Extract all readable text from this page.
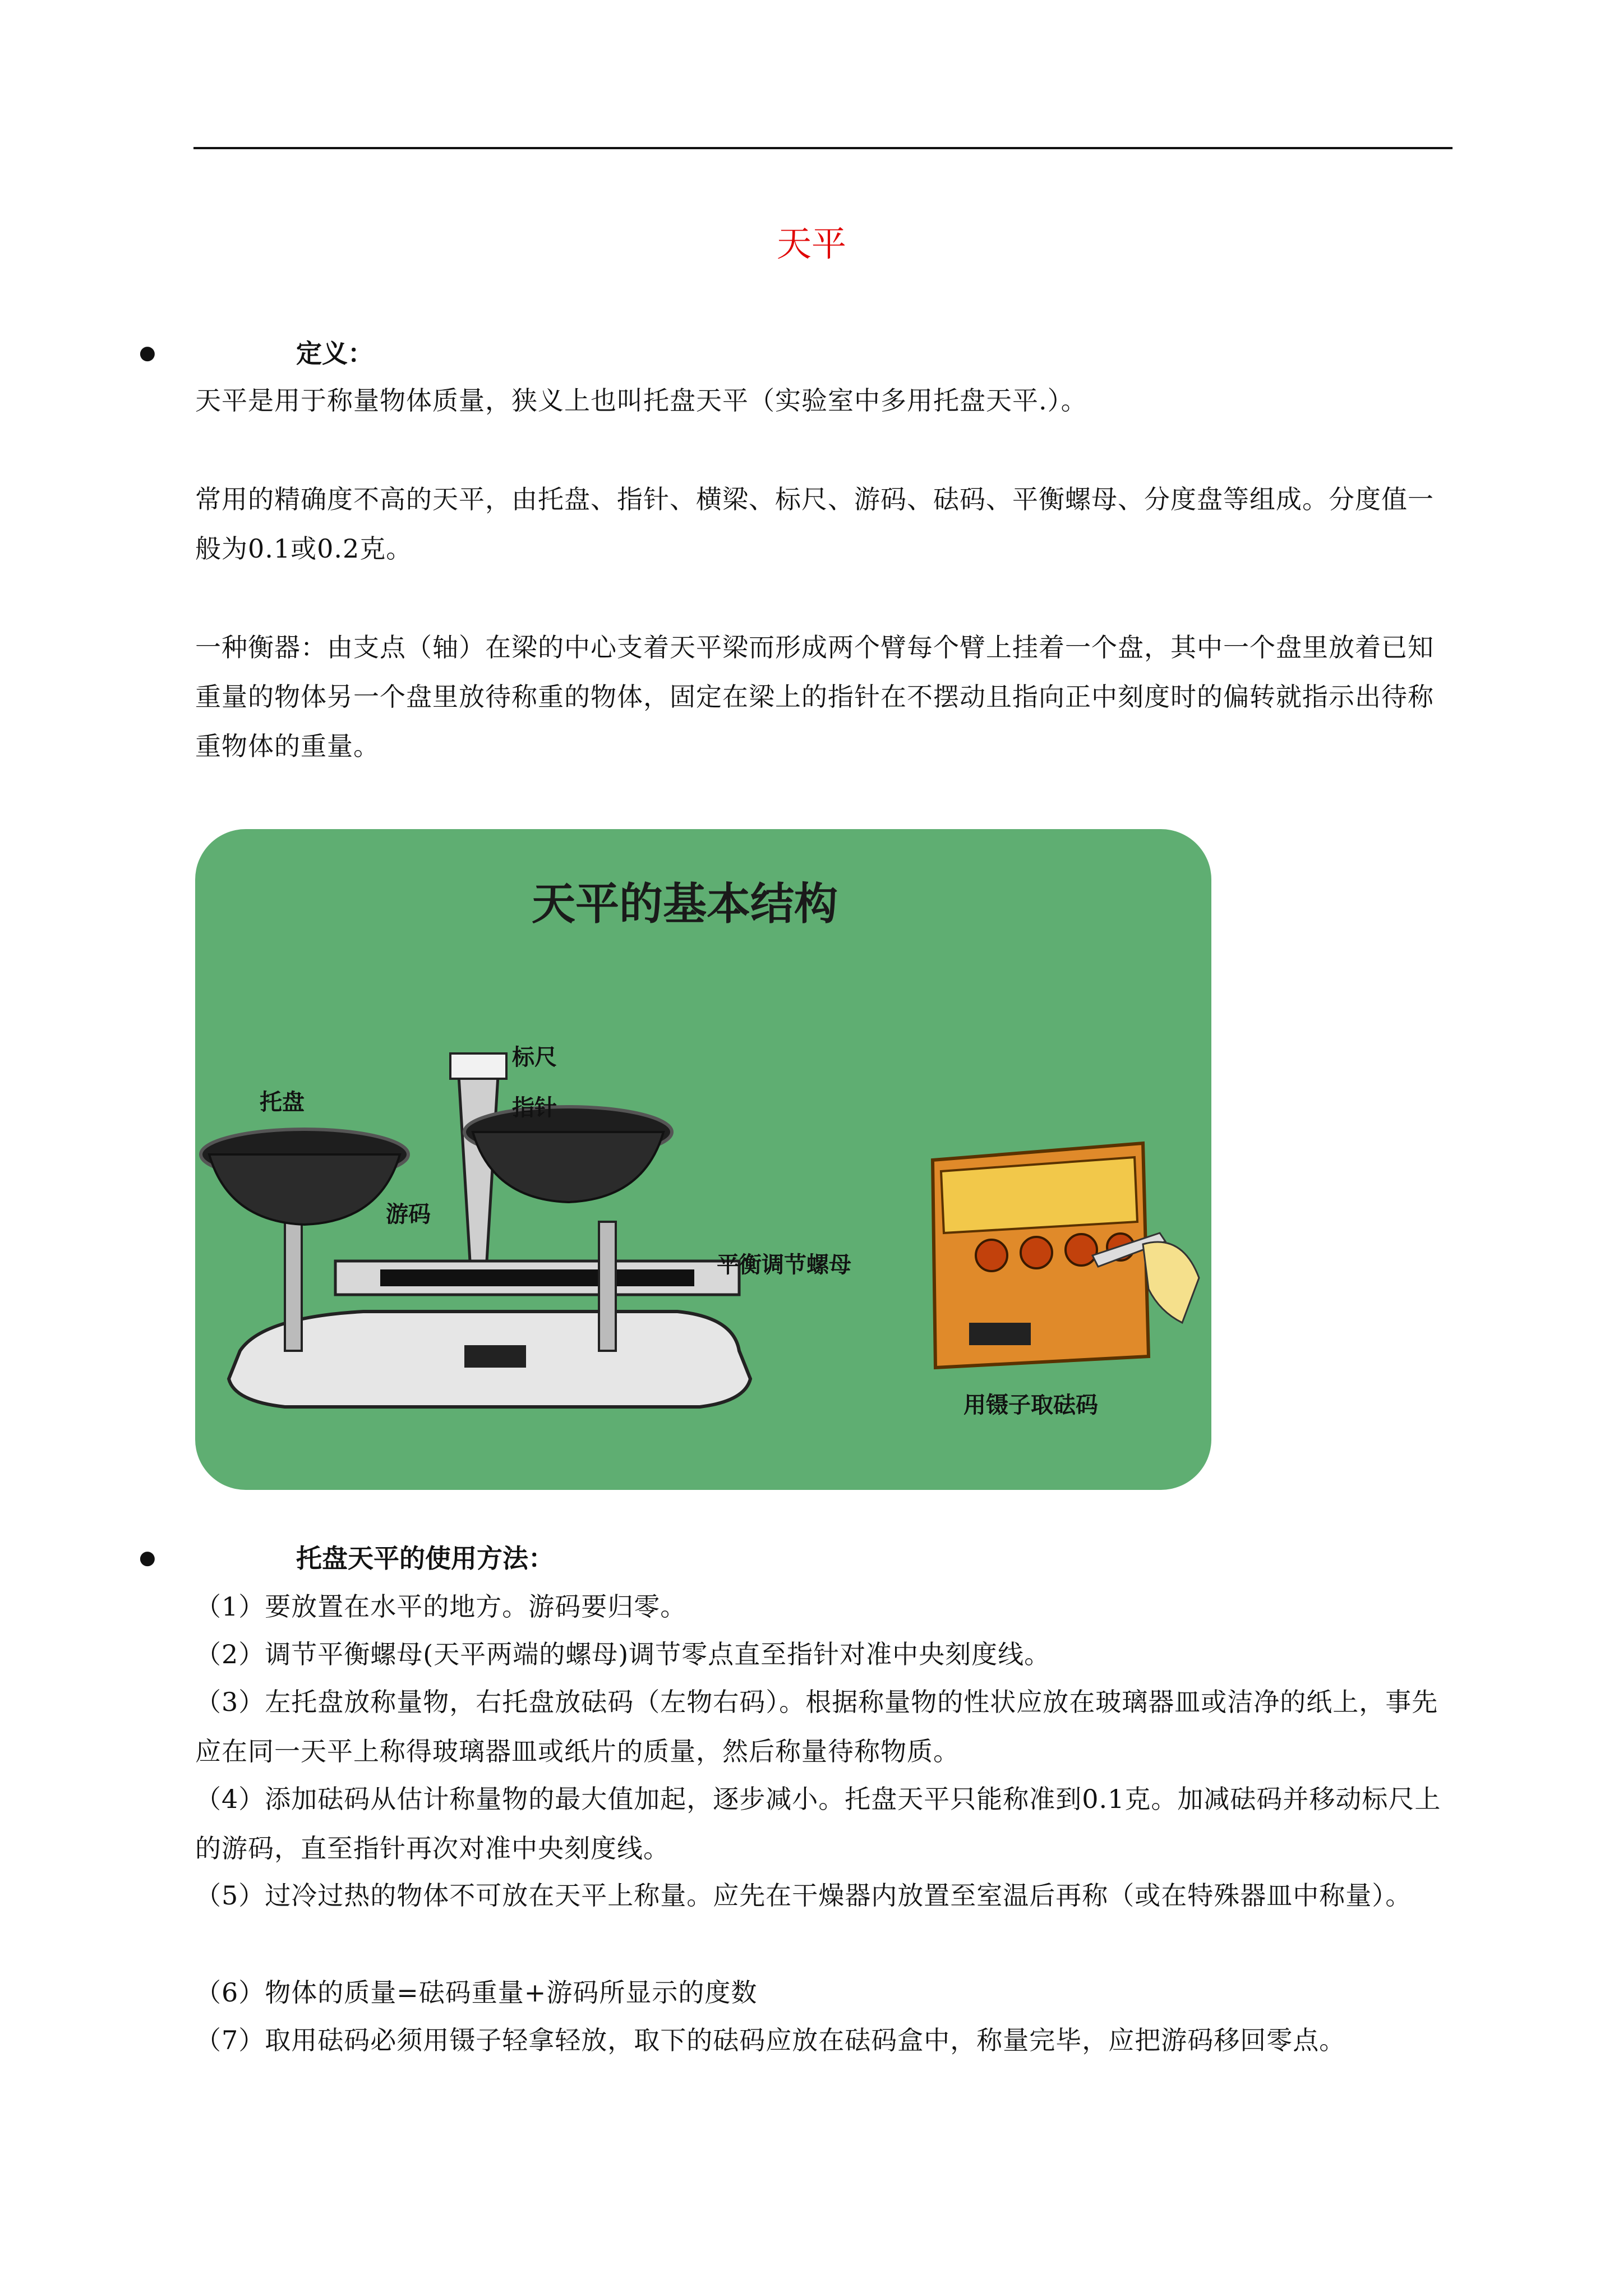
天平
●	定义：
天平是用于称量物体质量，狭义上也叫托盘天平（实验室中多用托盘天平.）。
常用的精确度不高的天平，由托盘、指针、横梁、标尺、游码、砝码、平衡螺母、分度盘等组成。分度值一般为0.1或0.2克。
一种衡器：由支点（轴）在梁的中心支着天平梁而形成两个臂每个臂上挂着一个盘，其中一个盘里放着已知重量的物体另一个盘里放待称重的物体，固定在梁上的指针在不摆动且指向正中刻度时的偏转就指示出待称重物体的重量。
天平的基本结构
标尺
托盘	指针
游码
平衡调节螺母
用镊子取砝码
●	托盘天平的使用方法：
（1）要放置在水平的地方。游码要归零。
（2）调节平衡螺母(天平两端的螺母)调节零点直至指针对准中央刻度线。
（3）左托盘放称量物，右托盘放砝码（左物右码）。根据称量物的性状应放在玻璃器皿或洁净的纸上，事先应在同一天平上称得玻璃器皿或纸片的质量，然后称量待称物质。
（4）添加砝码从估计称量物的最大值加起，逐步减小。托盘天平只能称准到0.1克。加减砝码并移动标尺上的游码，直至指针再次对准中央刻度线。
（5）过冷过热的物体不可放在天平上称量。应先在干燥器内放置至室温后再称（或在特殊器皿中称量）。
（6）物体的质量=砝码重量+游码所显示的度数
（7）取用砝码必须用镊子轻拿轻放，取下的砝码应放在砝码盒中，称量完毕，应把游码移回零点。
